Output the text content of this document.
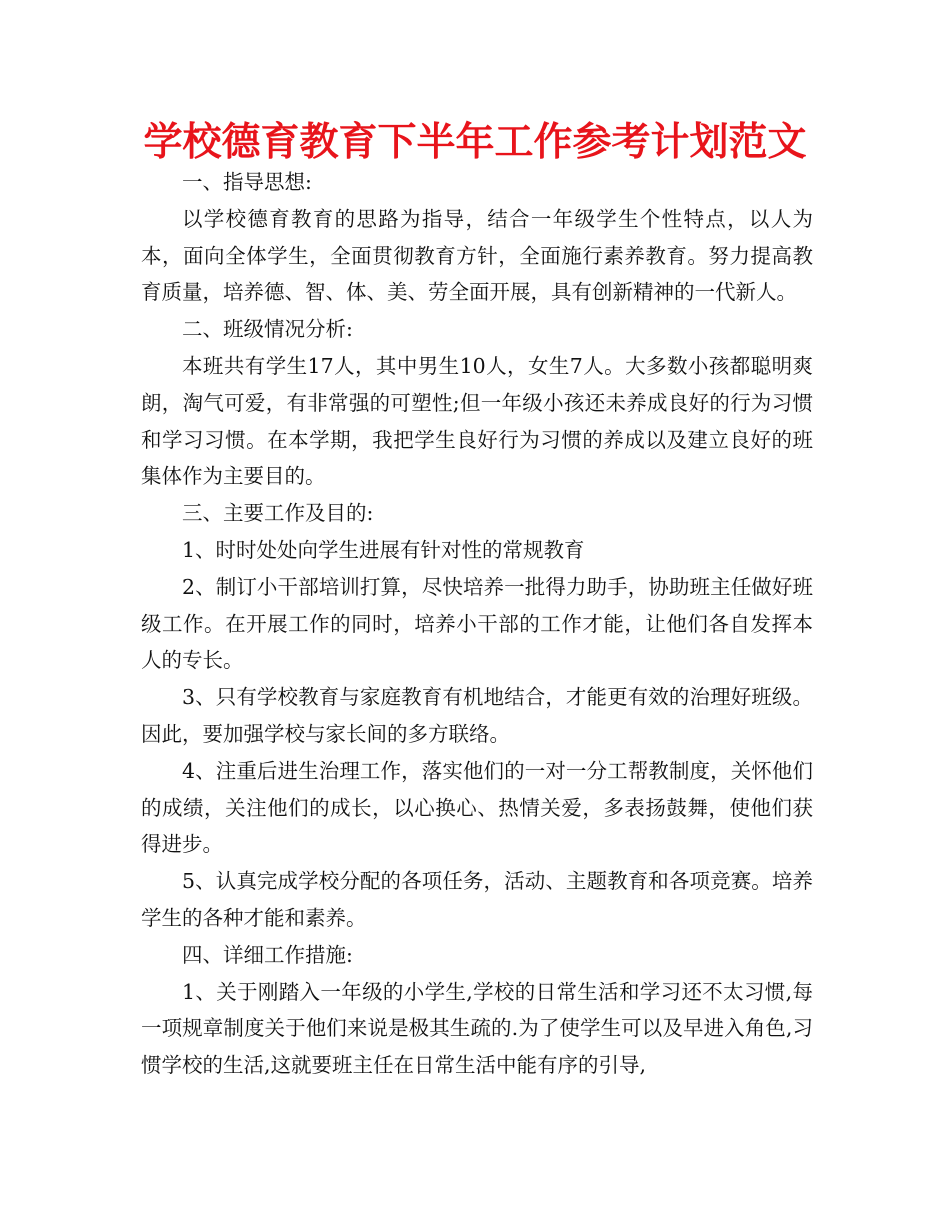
学校德育教育下半年工作参考计划范文

一、指导思想:

以学校德育教育的思路为指导，结合一年级学生个性特点，以人为本，面向全体学生，全面贯彻教育方针，全面施行素养教育。努力提高教育质量，培养德、智、体、美、劳全面开展，具有创新精神的一代新人。

二、班级情况分析:

本班共有学生17人，其中男生10人，女生7人。大多数小孩都聪明爽朗，淘气可爱，有非常强的可塑性;但一年级小孩还未养成良好的行为习惯和学习习惯。在本学期，我把学生良好行为习惯的养成以及建立良好的班集体作为主要目的。

三、主要工作及目的:

1、时时处处向学生进展有针对性的常规教育

2、制订小干部培训打算，尽快培养一批得力助手，协助班主任做好班级工作。在开展工作的同时，培养小干部的工作才能，让他们各自发挥本人的专长。

3、只有学校教育与家庭教育有机地结合，才能更有效的治理好班级。因此，要加强学校与家长间的多方联络。

4、注重后进生治理工作，落实他们的一对一分工帮教制度，关怀他们的成绩，关注他们的成长，以心换心、热情关爱，多表扬鼓舞，使他们获得进步。

5、认真完成学校分配的各项任务，活动、主题教育和各项竞赛。培养学生的各种才能和素养。

四、详细工作措施:

1、关于刚踏入一年级的小学生,学校的日常生活和学习还不太习惯,每一项规章制度关于他们来说是极其生疏的.为了使学生可以及早进入角色,习惯学校的生活,这就要班主任在日常生活中能有序的引导,
